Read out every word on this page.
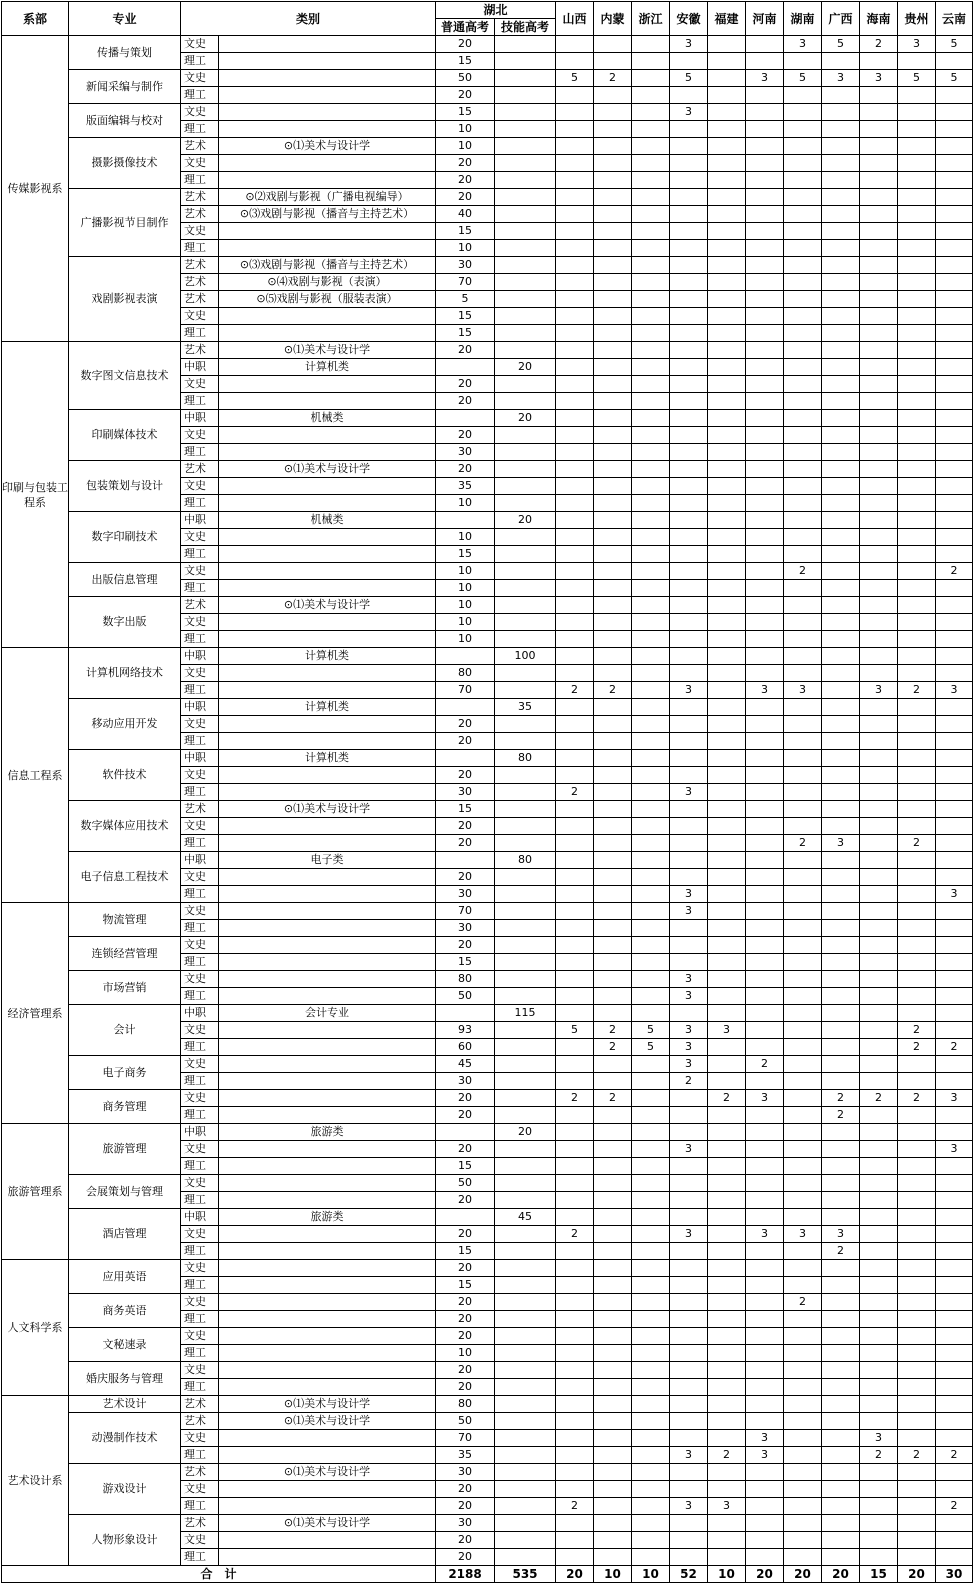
系部	专业	类别		湖北		山西	内蒙	浙江	安徽	福建	河南	湖南	广西	海南	贵州	云南
				普通高考	技能高考											
传媒影视系	传播与策划	文史		20					3			3	5	2	3	5
		理工		15												
	新闻采编与制作	文史		50		5	2		5		3	5	3	3	5	5
		理工		20												
	版面编辑与校对	文史		15					3							
		理工		10												
	摄影摄像技术	艺术	⊙⑴美术与设计学	10												
		文史		20												
		理工		20												
	广播影视节目制作	艺术	⊙⑵戏剧与影视（广播电视编导）	20												
		艺术	⊙⑶戏剧与影视（播音与主持艺术）	40												
		文史		15												
		理工		10												
	戏剧影视表演	艺术	⊙⑶戏剧与影视（播音与主持艺术）	30												
		艺术	⊙⑷戏剧与影视（表演）	70												
		艺术	⊙⑸戏剧与影视（服装表演）	5												
		文史		15												
		理工		15												
印刷与包装工程系	数字图文信息技术	艺术	⊙⑴美术与设计学	20												
		中职	计算机类		20											
		文史		20												
		理工		20												
	印刷媒体技术	中职	机械类		20											
		文史		20												
		理工		30												
	包装策划与设计	艺术	⊙⑴美术与设计学	20												
		文史		35												
		理工		10												
	数字印刷技术	中职	机械类		20											
		文史		10												
		理工		15												
	出版信息管理	文史		10								2				2
		理工		10												
	数字出版	艺术	⊙⑴美术与设计学	10												
		文史		10												
		理工		10												
信息工程系	计算机网络技术	中职	计算机类		100											
		文史		80												
		理工		70		2	2		3		3	3		3	2	3
	移动应用开发	中职	计算机类		35											
		文史		20												
		理工		20												
	软件技术	中职	计算机类		80											
		文史		20												
		理工		30		2			3							
	数字媒体应用技术	艺术	⊙⑴美术与设计学	15												
		文史		20												
		理工		20								2	3		2	
	电子信息工程技术	中职	电子类		80											
		文史		20												
		理工		30					3							3
经济管理系	物流管理	文史		70					3							
		理工		30												
	连锁经营管理	文史		20												
		理工		15												
	市场营销	文史		80					3							
		理工		50					3							
	会计	中职	会计专业		115											
		文史		93		5	2	5	3	3					2	
		理工		60			2	5	3						2	2
	电子商务	文史		45					3		2					
		理工		30					2							
	商务管理	文史		20		2	2			2	3		2	2	2	3
		理工		20									2			
旅游管理系	旅游管理	中职	旅游类		20											
		文史		20					3							3
		理工		15												
	会展策划与管理	文史		50												
		理工		20												
	酒店管理	中职	旅游类		45											
		文史		20		2			3		3	3	3			
		理工		15									2			
人文科学系	应用英语	文史		20												
		理工		15												
	商务英语	文史		20								2				
		理工		20												
	文秘速录	文史		20												
		理工		10												
	婚庆服务与管理	文史		20												
		理工		20												
艺术设计系	艺术设计	艺术	⊙⑴美术与设计学	80												
	动漫制作技术	艺术	⊙⑴美术与设计学	50												
		文史		70							3			3		
		理工		35					3	2	3			2	2	2
	游戏设计	艺术	⊙⑴美术与设计学	30												
		文史		20												
		理工		20		2			3	3						2
	人物形象设计	艺术	⊙⑴美术与设计学	30												
		文史		20												
		理工		20												
合　计				2188	535	20	10	10	52	10	20	20	20	15	20	30
